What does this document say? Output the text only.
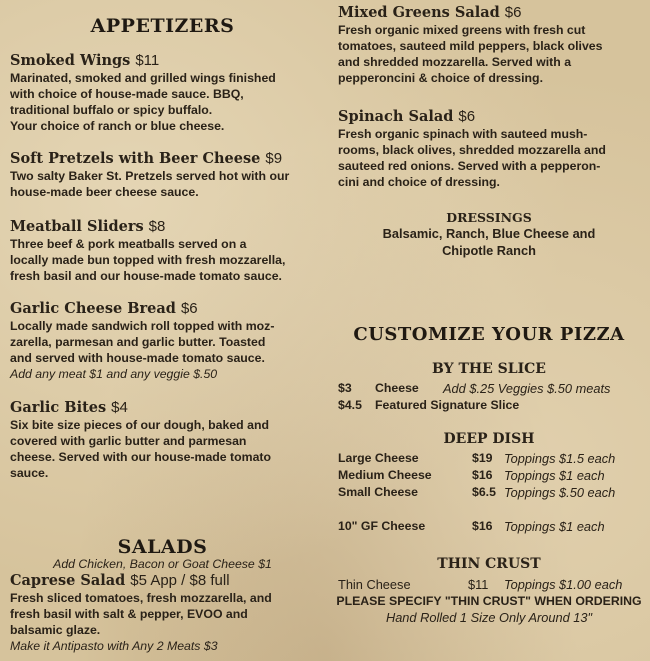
APPETIZERS
Smoked Wings $11
Marinated, smoked and grilled wings finished
with choice of house-made sauce. BBQ,
traditional buffalo or spicy buffalo.
Your choice of ranch or blue cheese.
Soft Pretzels with Beer Cheese $9
Two salty Baker St. Pretzels served hot with our
house-made beer cheese sauce.
Meatball Sliders $8
Three beef & pork meatballs served on a
locally made bun topped with fresh mozzarella,
fresh basil and our house-made tomato sauce.
Garlic Cheese Bread $6
Locally made sandwich roll topped with moz-
zarella, parmesan and garlic butter. Toasted
and served with house-made tomato sauce.
Add any meat $1 and any veggie $.50
Garlic Bites $4
Six bite size pieces of our dough, baked and
covered with garlic butter and parmesan
cheese. Served with our house-made tomato
sauce.
SALADS
Add Chicken, Bacon or Goat Cheese $1
Caprese Salad $5 App / $8 full
Fresh sliced tomatoes, fresh mozzarella, and
fresh basil with salt & pepper, EVOO and
balsamic glaze.
Make it Antipasto with Any 2 Meats $3
Mixed Greens Salad $6
Fresh organic mixed greens with fresh cut
tomatoes, sauteed mild peppers, black olives
and shredded mozzarella. Served with a
pepperoncini & choice of dressing.
Spinach Salad $6
Fresh organic spinach with sauteed mush-
rooms, black olives, shredded mozzarella and
sauteed red onions. Served with a pepperon-
cini and choice of dressing.
DRESSINGS
Balsamic, Ranch, Blue Cheese and
Chipotle Ranch
CUSTOMIZE YOUR PIZZA
BY THE SLICE
$3 Cheese Add $.25 Veggies $.50 meats
$4.5 Featured Signature Slice
DEEP DISH
Large Cheese	$19 Toppings $1.5 each
Medium Cheese	$16 Toppings $1 each
Small Cheese	$6.5 Toppings $.50 each
10" GF Cheese	$16 Toppings $1 each
THIN CRUST
Thin Cheese	$11 Toppings $1.00 each
PLEASE SPECIFY "THIN CRUST" WHEN ORDERING
Hand Rolled 1 Size Only Around 13"
